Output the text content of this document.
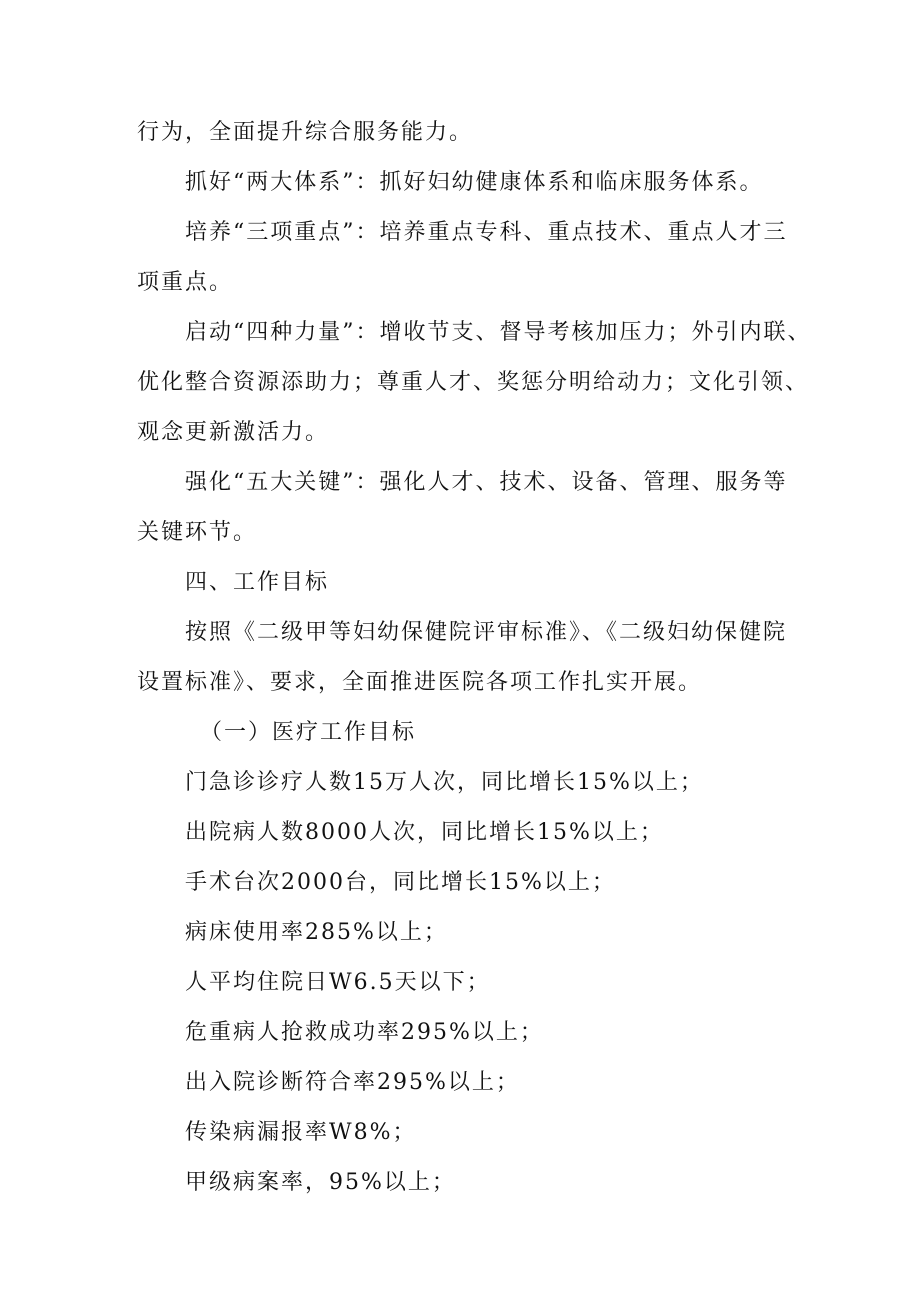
行为，全面提升综合服务能力。
抓好“两大体系”：抓好妇幼健康体系和临床服务体系。
培养“三项重点”：培养重点专科、重点技术、重点人才三
项重点。
启动“四种力量”：增收节支、督导考核加压力；外引内联、
优化整合资源添助力；尊重人才、奖惩分明给动力；文化引领、
观念更新激活力。
强化“五大关键”：强化人才、技术、设备、管理、服务等
关键环节。
四、工作目标
按照《二级甲等妇幼保健院评审标准》、《二级妇幼保健院
设置标准》、要求，全面推进医院各项工作扎实开展。
（一）医疗工作目标
门急诊诊疗人数15万人次，同比增长15%以上；
出院病人数8000人次，同比增长15%以上；
手术台次2000台，同比增长15%以上；
病床使用率285%以上；
人平均住院日W6.5天以下；
危重病人抢救成功率295%以上；
出入院诊断符合率295%以上；
传染病漏报率W8%；
甲级病案率，95%以上；
